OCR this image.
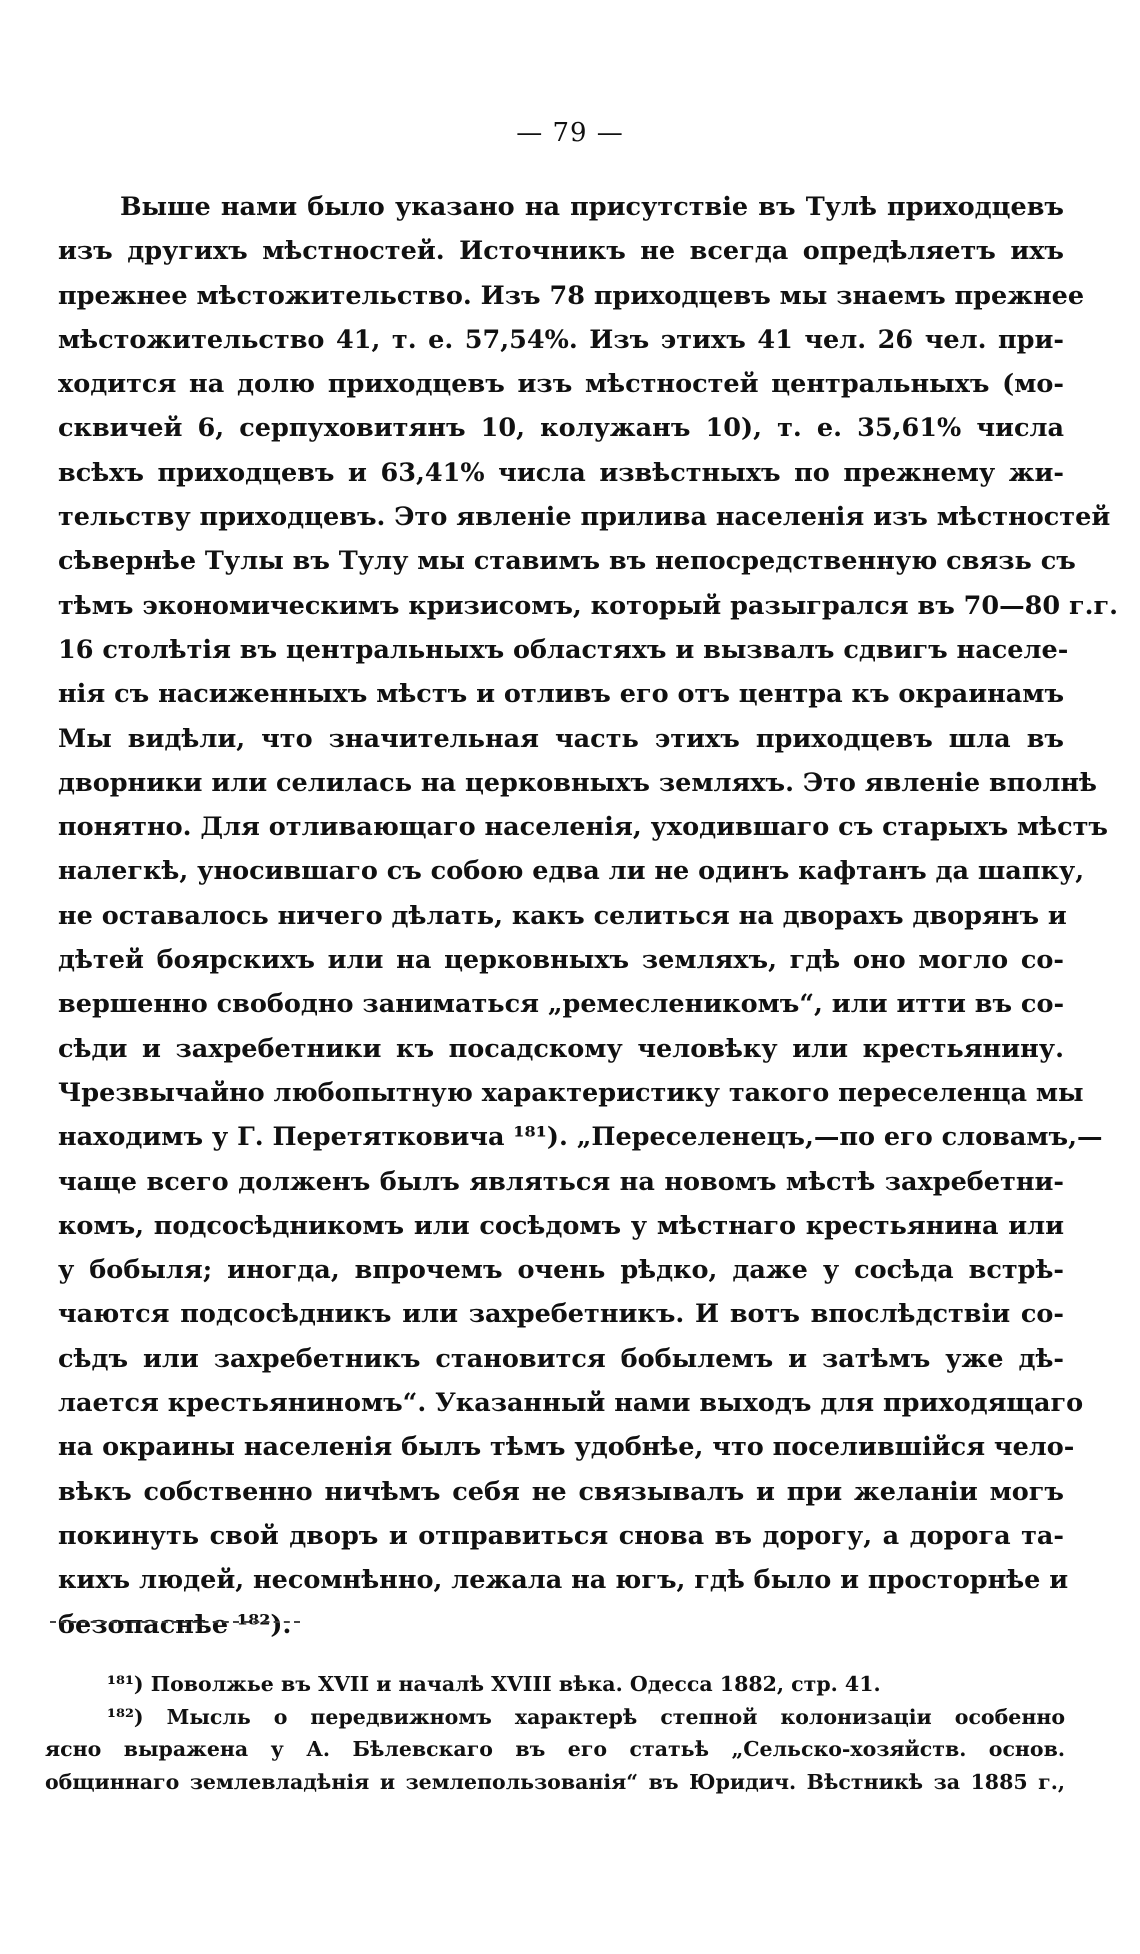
— 79 —
Выше нами было указано на присутствіе въ Тулѣ приходцевъ
изъ другихъ мѣстностей. Источникъ не всегда опредѣляетъ ихъ
прежнее мѣстожительство. Изъ 78 приходцевъ мы знаемъ прежнее
мѣстожительство 41, т. е. 57,54%. Изъ этихъ 41 чел. 26 чел. при-
ходится на долю приходцевъ изъ мѣстностей центральныхъ (мо-
сквичей 6, серпуховитянъ 10, колужанъ 10), т. е. 35,61% числа
всѣхъ приходцевъ и 63,41% числа извѣстныхъ по прежнему жи-
тельству приходцевъ. Это явленіе прилива населенія изъ мѣстностей
сѣвернѣе Тулы въ Тулу мы ставимъ въ непосредственную связь съ
тѣмъ экономическимъ кризисомъ, который разыгрался въ 70—80 г.г.
16 столѣтія въ центральныхъ областяхъ и вызвалъ сдвигъ населе-
нія съ насиженныхъ мѣстъ и отливъ его отъ центра къ окраинамъ
Мы видѣли, что значительная часть этихъ приходцевъ шла въ
дворники или селилась на церковныхъ земляхъ. Это явленіе вполнѣ
понятно. Для отливающаго населенія, уходившаго съ старыхъ мѣстъ
налегкѣ, уносившаго съ собою едва ли не одинъ кафтанъ да шапку,
не оставалось ничего дѣлать, какъ селиться на дворахъ дворянъ и
дѣтей боярскихъ или на церковныхъ земляхъ, гдѣ оно могло со-
вершенно свободно заниматься „ремесленикомъ“, или итти въ со-
сѣди и захребетники къ посадскому человѣку или крестьянину.
Чрезвычайно любопытную характеристику такого переселенца мы
находимъ у Г. Перетятковича ¹⁸¹). „Переселенецъ,—по его словамъ,—
чаще всего долженъ былъ являться на новомъ мѣстѣ захребетни-
комъ, подсосѣдникомъ или сосѣдомъ у мѣстнаго крестьянина или
у бобыля; иногда, впрочемъ очень рѣдко, даже у сосѣда встрѣ-
чаются подсосѣдникъ или захребетникъ. И вотъ впослѣдствіи со-
сѣдъ или захребетникъ становится бобылемъ и затѣмъ уже дѣ-
лается крестьяниномъ“. Указанный нами выходъ для приходящаго
на окраины населенія былъ тѣмъ удобнѣе, что поселившійся чело-
вѣкъ собственно ничѣмъ себя не связывалъ и при желаніи могъ
покинуть свой дворъ и отправиться снова въ дорогу, а дорога та-
кихъ людей, несомнѣнно, лежала на югъ, гдѣ было и просторнѣе и
безопаснѣе ¹⁸²).
¹⁸¹) Поволжье въ XVII и началѣ XVIII вѣка. Одесса 1882, стр. 41.
¹⁸²) Мысль о передвижномъ характерѣ степной колонизаціи особенно
ясно выражена у А. Бѣлевскаго въ его статьѣ „Сельско-хозяйств. основ.
общиннаго землевладѣнія и землепользованія“ въ Юридич. Вѣстникѣ за 1885 г.,
